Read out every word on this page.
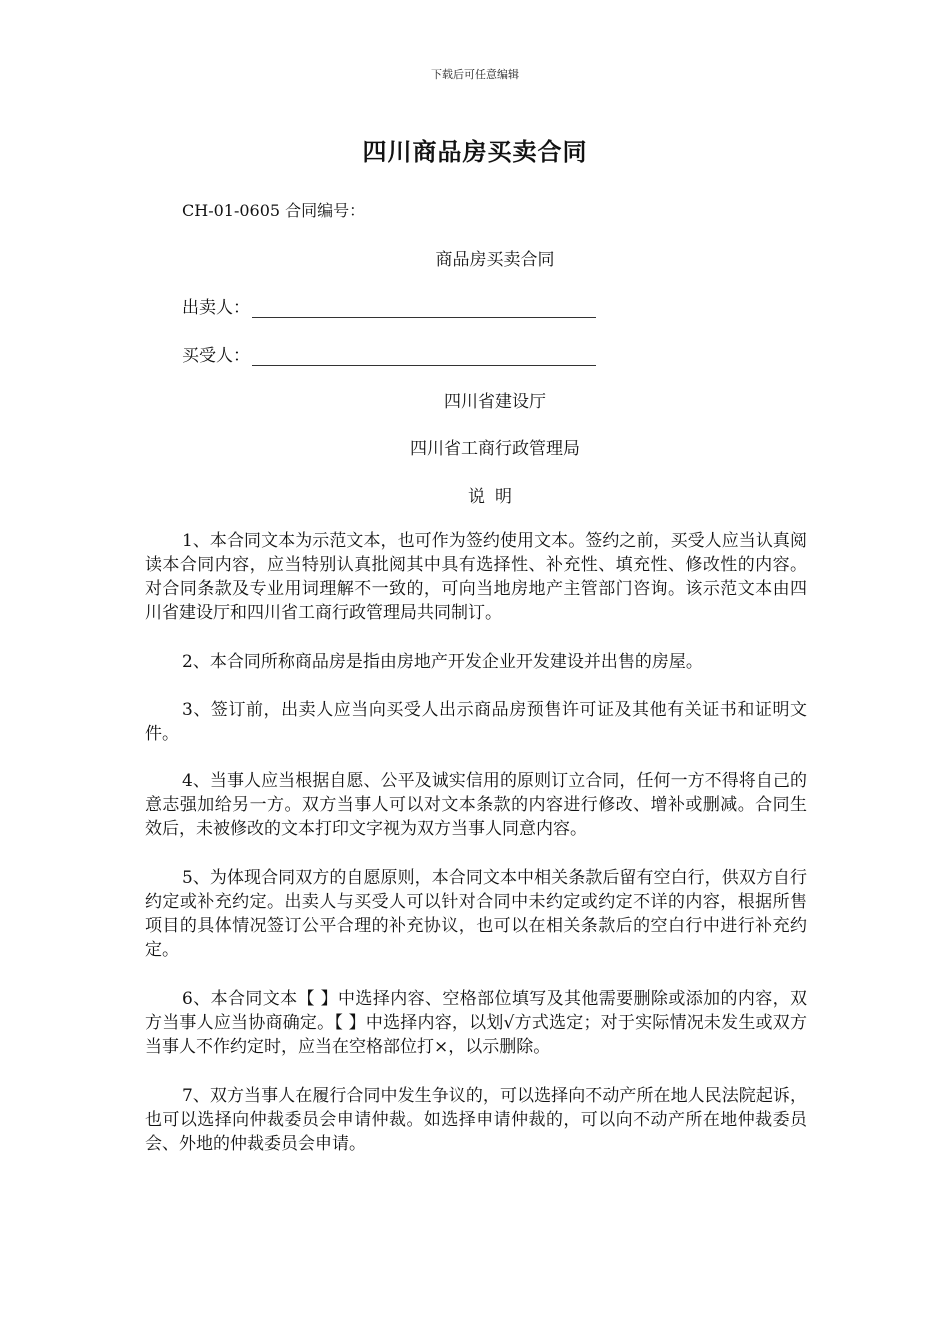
下载后可任意编辑
四川商品房买卖合同
CH-01-0605 合同编号：
商品房买卖合同
出卖人：
买受人：
四川省建设厅
四川省工商行政管理局
说明

1、本合同文本为示范文本，也可作为签约使用文本。签约之前，买受人应当认真阅读本合同内容，应当特别认真批阅其中具有选择性、补充性、填充性、修改性的内容。对合同条款及专业用词理解不一致的，可向当地房地产主管部门咨询。该示范文本由四川省建设厅和四川省工商行政管理局共同制订。

2、本合同所称商品房是指由房地产开发企业开发建设并出售的房屋。

3、签订前，出卖人应当向买受人出示商品房预售许可证及其他有关证书和证明文件。

4、当事人应当根据自愿、公平及诚实信用的原则订立合同，任何一方不得将自己的意志强加给另一方。双方当事人可以对文本条款的内容进行修改、增补或删减。合同生效后，未被修改的文本打印文字视为双方当事人同意内容。

5、为体现合同双方的自愿原则，本合同文本中相关条款后留有空白行，供双方自行约定或补充约定。出卖人与买受人可以针对合同中未约定或约定不详的内容，根据所售项目的具体情况签订公平合理的补充协议，也可以在相关条款后的空白行中进行补充约定。

6、本合同文本【 】中选择内容、空格部位填写及其他需要删除或添加的内容，双方当事人应当协商确定。【 】中选择内容，以划√方式选定；对于实际情况未发生或双方当事人不作约定时，应当在空格部位打×，以示删除。

7、双方当事人在履行合同中发生争议的，可以选择向不动产所在地人民法院起诉，也可以选择向仲裁委员会申请仲裁。如选择申请仲裁的，可以向不动产所在地仲裁委员会、外地的仲裁委员会申请。
